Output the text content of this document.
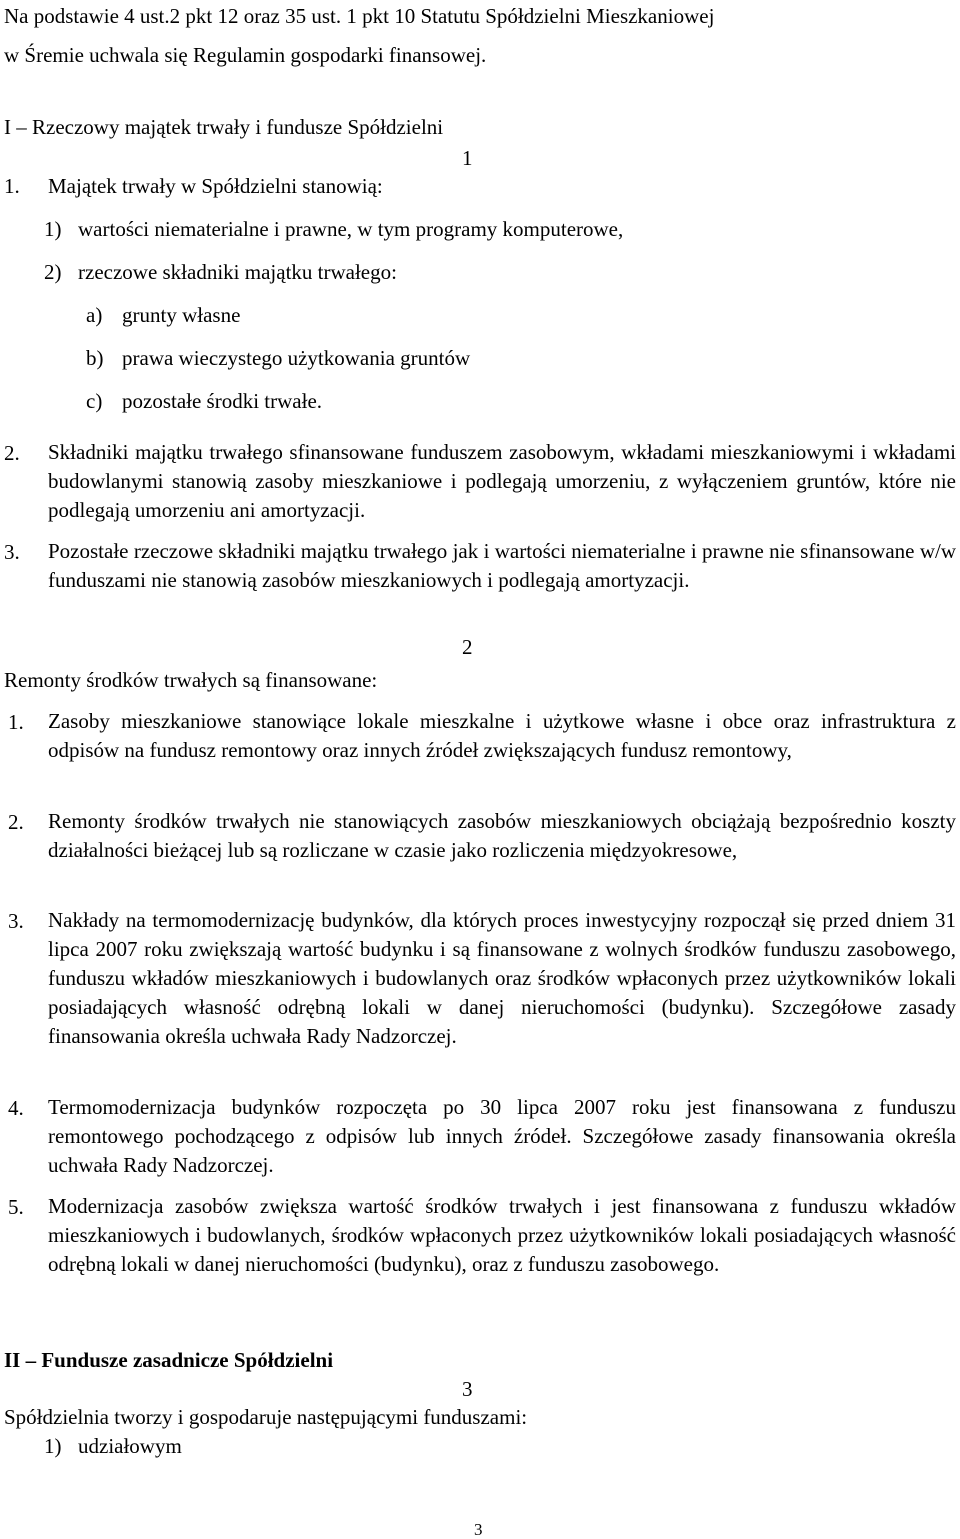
Na podstawie 4 ust.2 pkt 12 oraz 35 ust. 1 pkt 10 Statutu Spółdzielni Mieszkaniowej
w Śremie uchwala się Regulamin gospodarki finansowej.
I – Rzeczowy majątek trwały i fundusze Spółdzielni
1
1. Majątek trwały w Spółdzielni stanowią:
1) wartości niematerialne i prawne, w tym programy komputerowe,
2) rzeczowe składniki majątku trwałego:
a) grunty własne
b) prawa wieczystego użytkowania gruntów
c) pozostałe środki trwałe.
2. Składniki majątku trwałego sfinansowane funduszem zasobowym, wkładami mieszkaniowymi i wkładami budowlanymi stanowią zasoby mieszkaniowe i podlegają umorzeniu, z wyłączeniem gruntów, które nie podlegają umorzeniu ani amortyzacji.
3. Pozostałe rzeczowe składniki majątku trwałego jak i wartości niematerialne i prawne nie sfinansowane w/w funduszami nie stanowią zasobów mieszkaniowych i podlegają amortyzacji.
2
Remonty środków trwałych są finansowane:
1. Zasoby mieszkaniowe stanowiące lokale mieszkalne i użytkowe własne i obce oraz infrastruktura z odpisów na fundusz remontowy oraz innych źródeł zwiększających fundusz remontowy,
2. Remonty środków trwałych nie stanowiących zasobów mieszkaniowych obciążają bezpośrednio koszty działalności bieżącej lub są rozliczane w czasie jako rozliczenia międzyokresowe,
3. Nakłady na termomodernizację budynków, dla których proces inwestycyjny rozpoczął się przed dniem 31 lipca 2007 roku zwiększają wartość budynku i są finansowane z wolnych środków funduszu zasobowego, funduszu wkładów mieszkaniowych i budowlanych oraz środków wpłaconych przez użytkowników lokali posiadających własność odrębną lokali w danej nieruchomości (budynku). Szczegółowe zasady finansowania określa uchwała Rady Nadzorczej.
4. Termomodernizacja budynków rozpoczęta po 30 lipca 2007 roku jest finansowana z funduszu remontowego pochodzącego z odpisów lub innych źródeł. Szczegółowe zasady finansowania określa uchwała Rady Nadzorczej.
5. Modernizacja zasobów zwiększa wartość środków trwałych i jest finansowana z funduszu wkładów mieszkaniowych i budowlanych, środków wpłaconych przez użytkowników lokali posiadających własność odrębną lokali w danej nieruchomości (budynku), oraz z funduszu zasobowego.
II – Fundusze zasadnicze Spółdzielni
3
Spółdzielnia tworzy i gospodaruje następującymi funduszami:
1) udziałowym
3
